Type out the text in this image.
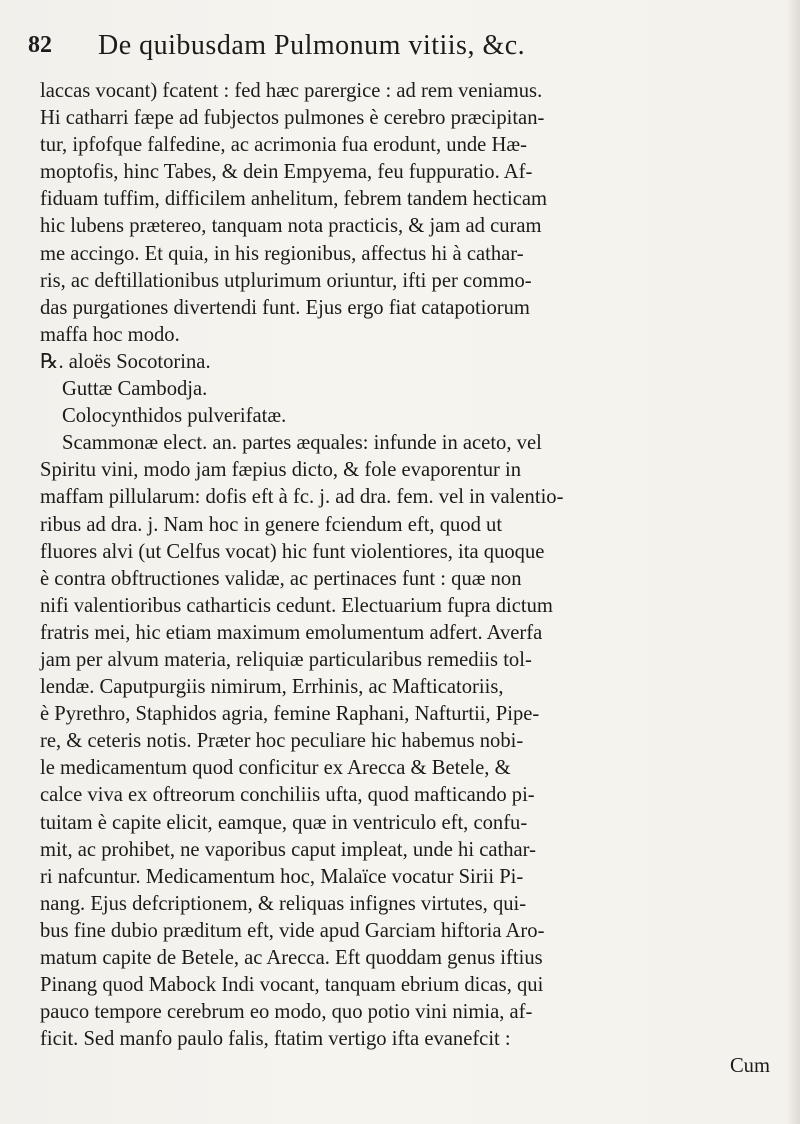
82 De quibusdam Pulmonum vitiis, &c.
laccas vocant) fcatent : fed hæc parergice : ad rem veniamus.
Hi catharri fæpe ad fubjectos pulmones è cerebro præcipitan-
tur, ipfofque falfedine, ac acrimonia fua erodunt, unde Hæ-
moptofis, hinc Tabes, & dein Empyema, feu fuppuratio. Af-
fiduam tuffim, difficilem anhelitum, febrem tandem hecticam
hic lubens prætereo, tanquam nota practicis, & jam ad curam
me accingo. Et quia, in his regionibus, affectus hi à cathar-
ris, ac deftillationibus utplurimum oriuntur, ifti per commo-
das purgationes divertendi funt. Ejus ergo fiat catapotiorum
maffa hoc modo.
℞. aloës Socotorina.
Guttæ Cambodja.
Colocynthidos pulverifatæ.
Scammonæ elect. an. partes æquales: infunde in aceto, vel
Spiritu vini, modo jam fæpius dicto, & fole evaporentur in
maffam pillularum: dofis eft à fc. j. ad dra. fem. vel in valentio-
ribus ad dra. j. Nam hoc in genere fciendum eft, quod ut
fluores alvi (ut Celfus vocat) hic funt violentiores, ita quoque
è contra obftructiones validæ, ac pertinaces funt : quæ non
nifi valentioribus catharticis cedunt. Electuarium fupra dictum
fratris mei, hic etiam maximum emolumentum adfert. Averfa
jam per alvum materia, reliquiæ particularibus remediis tol-
lendæ. Caputpurgiis nimirum, Errhinis, ac Mafticatoriis,
è Pyrethro, Staphidos agria, femine Raphani, Nafturtii, Pipe-
re, & ceteris notis. Præter hoc peculiare hic habemus nobi-
le medicamentum quod conficitur ex Arecca & Betele, &
calce viva ex oftreorum conchiliis ufta, quod mafticando pi-
tuitam è capite elicit, eamque, quæ in ventriculo eft, confu-
mit, ac prohibet, ne vaporibus caput impleat, unde hi cathar-
ri nafcuntur. Medicamentum hoc, Malaïce vocatur Sirii Pi-
nang. Ejus defcriptionem, & reliquas infignes virtutes, qui-
bus fine dubio præditum eft, vide apud Garciam hiftoria Aro-
matum capite de Betele, ac Arecca. Eft quoddam genus iftius
Pinang quod Mabock Indi vocant, tanquam ebrium dicas, qui
pauco tempore cerebrum eo modo, quo potio vini nimia, af-
ficit. Sed manfo paulo falis, ftatim vertigo ifta evanefcit :
Cum
